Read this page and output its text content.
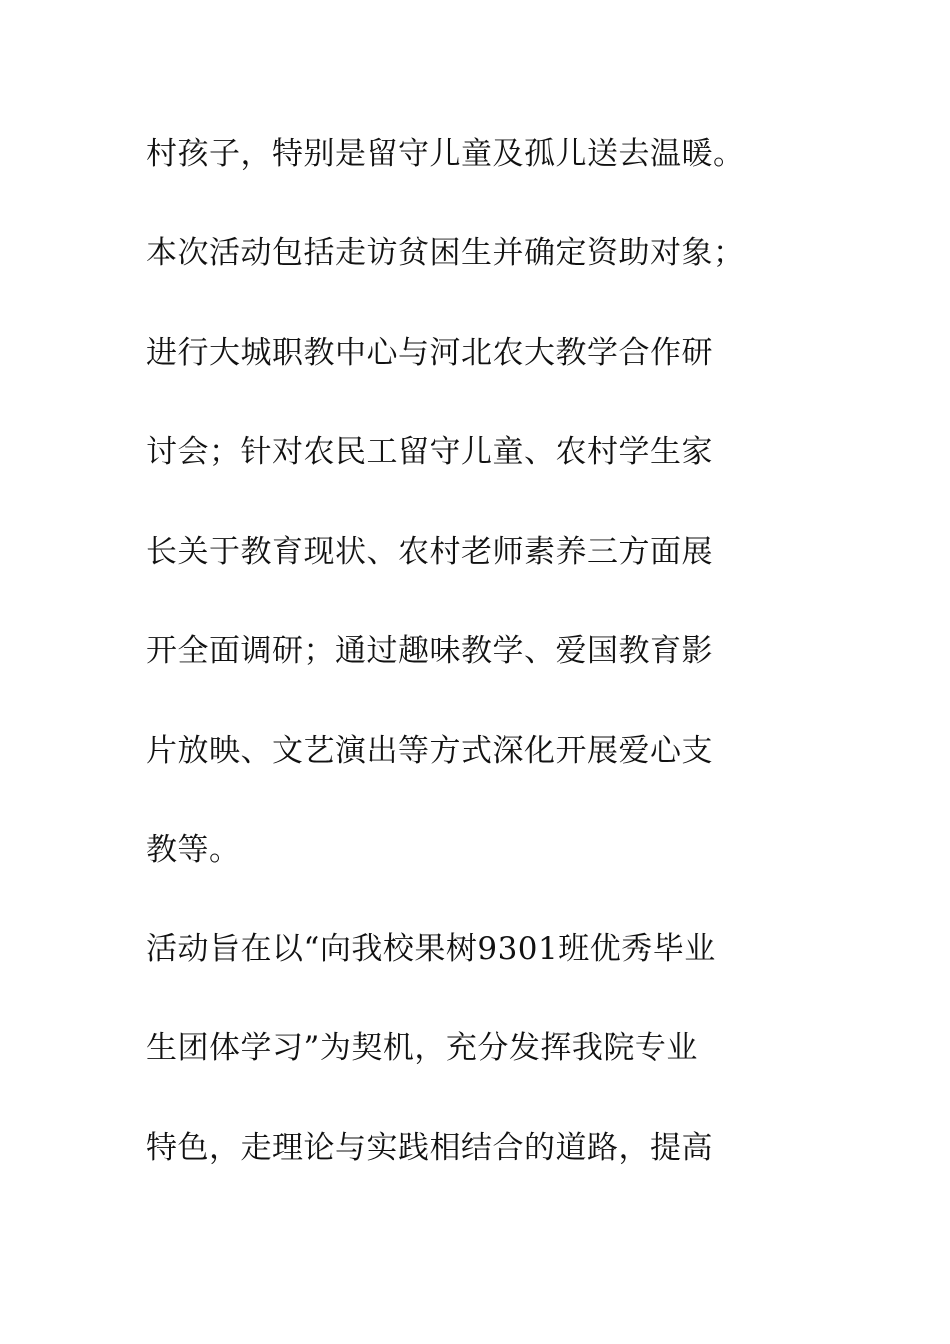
村孩子，特别是留守儿童及孤儿送去温暖。
本次活动包括走访贫困生并确定资助对象；
进行大城职教中心与河北农大教学合作研
讨会；针对农民工留守儿童、农村学生家
长关于教育现状、农村老师素养三方面展
开全面调研；通过趣味教学、爱国教育影
片放映、文艺演出等方式深化开展爱心支
教等。
活动旨在以“向我校果树9301班优秀毕业
生团体学习”为契机，充分发挥我院专业
特色，走理论与实践相结合的道路，提高
